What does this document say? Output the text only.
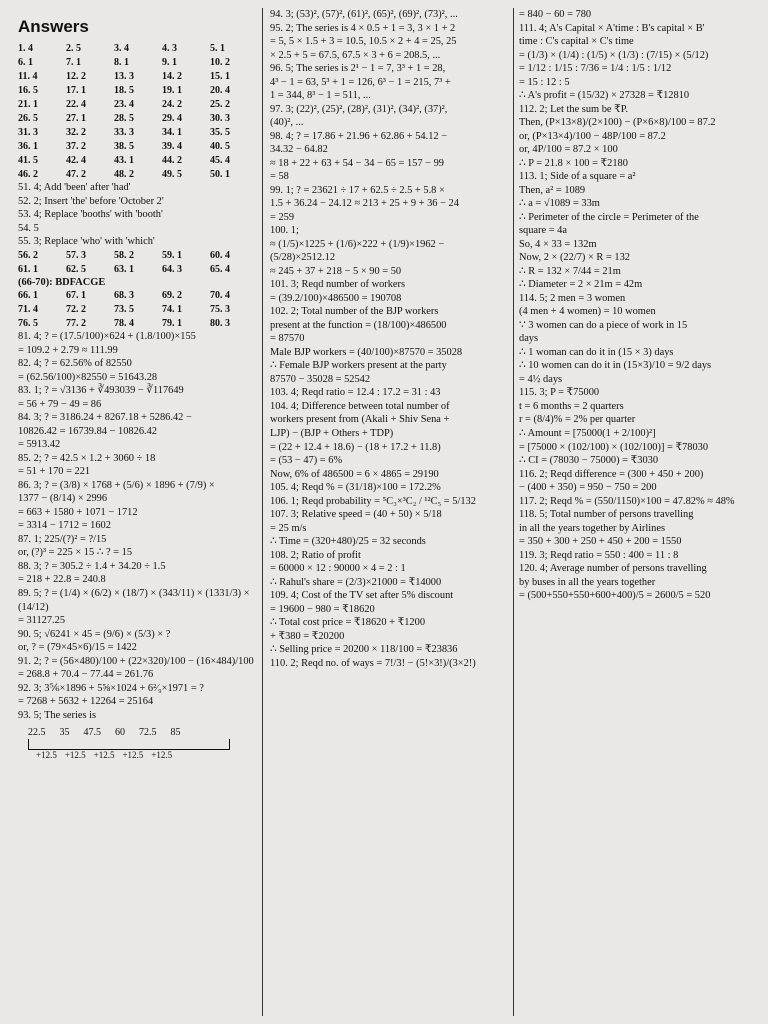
Answers
1. 4	2. 5	3. 4	4. 3	5. 1
6. 1	7. 1	8. 1	9. 1	10. 2
11. 4	12. 2	13. 3	14. 2	15. 1
16. 5	17. 1	18. 5	19. 1	20. 4
21. 1	22. 4	23. 4	24. 2	25. 2
26. 5	27. 1	28. 5	29. 4	30. 3
31. 3	32. 2	33. 3	34. 1	35. 5
36. 1	37. 2	38. 5	39. 4	40. 5
41. 5	42. 4	43. 1	44. 2	45. 4
46. 2	47. 2	48. 2	49. 5	50. 1
51. 4; Add 'been' after 'had'
52. 2; Insert 'the' before 'October 2'
53. 4; Replace 'booths' with 'booth'
54. 5
55. 3; Replace 'who' with 'which'
56. 2	57. 3	58. 2	59. 1	60. 4
61. 1	62. 5	63. 1	64. 3	65. 4
(66-70): BDFACGE
66. 1	67. 1	68. 3	69. 2	70. 4
71. 4	72. 2	73. 5	74. 1	75. 3
76. 5	77. 2	78. 4	79. 1	80. 3
81. 4; ? = (17.5/100)×624 + (1.8/100)×155
= 109.2 + 2.79 ≈ 111.99
82. 4; ? = 62.56% of 82550
= (62.56/100)×82550 = 51643.28
83. 1; ? = √3136 + ∛493039 − ∛117649
= 56 + 79 − 49 = 86
84. 3; ? = 3186.24 + 8267.18 + 5286.42 −
10826.42 = 16739.84 − 10826.42
= 5913.42
85. 2; ? = 42.5 × 1.2 + 3060 ÷ 18
= 51 + 170 = 221
86. 3; ? = (3/8) × 1768 + (5/6) × 1896 + (7/9) ×
1377 − (8/14) × 2996
= 663 + 1580 + 1071 − 1712
= 3314 − 1712 = 1602
87. 1; 225/(?)² = ?/15
or, (?)³ = 225 × 15 ∴ ? = 15
88. 3; ? = 305.2 ÷ 1.4 + 34.20 ÷ 1.5
= 218 + 22.8 = 240.8
89. 5; ? = (1/4) × (6/2) × (18/7) × (343/11) × (1331/3) × (14/12)
= 31127.25
90. 5; √6241 × 45 = (9/6) × (5/3) × ?
or, ? = (79×45×6)/15 = 1422
91. 2; ? = (56×480)/100 + (22×320)/100 − (16×484)/100
= 268.8 + 70.4 − 77.44 = 261.76
92. 3; 3⅚×1896 + 5⅝×1024 + 6²⁄₉×1971 = ?
= 7268 + 5632 + 12264 = 25164
93. 5; The series is
22.5 35 47.5 60 72.5 85
+12.5 +12.5 +12.5 +12.5 +12.5
94. 3; (53)², (57)², (61)², (65)², (69)², (73)², ...
95. 2; The series is 4 × 0.5 + 1 = 3, 3 × 1 + 2
= 5, 5 × 1.5 + 3 = 10.5, 10.5 × 2 + 4 = 25, 25
× 2.5 + 5 = 67.5, 67.5 × 3 + 6 = 208.5, ...
96. 5; The series is 2¹ − 1 = 7, 3³ + 1 = 28,
4³ − 1 = 63, 5³ + 1 = 126, 6³ − 1 = 215, 7³ +
1 = 344, 8³ − 1 = 511, ...
97. 3; (22)², (25)², (28)², (31)², (34)², (37)²,
(40)², ...
98. 4; ? = 17.86 + 21.96 + 62.86 + 54.12 −
34.32 − 64.82
≈ 18 + 22 + 63 + 54 − 34 − 65 = 157 − 99
= 58
99. 1; ? = 23621 ÷ 17 + 62.5 ÷ 2.5 + 5.8 ×
1.5 + 36.24 − 24.12 ≈ 213 + 25 + 9 + 36 − 24
= 259
100. 1;
≈ (1/5)×1225 + (1/6)×222 + (1/9)×1962 − (5/28)×2512.12
≈ 245 + 37 + 218 − 5 × 90 = 50
101. 3; Reqd number of workers
= (39.2/100)×486500 = 190708
102. 2; Total number of the BJP workers
present at the function = (18/100)×486500
= 87570
Male BJP workers = (40/100)×87570 = 35028
∴ Female BJP workers present at the party
87570 − 35028 = 52542
103. 4; Reqd ratio = 12.4 : 17.2 = 31 : 43
104. 4; Difference between total number of
workers present from (Akali + Shiv Sena +
LJP) − (BJP + Others + TDP)
= (22 + 12.4 + 18.6) − (18 + 17.2 + 11.8)
= (53 − 47) = 6%
Now, 6% of 486500 = 6 × 4865 = 29190
105. 4; Reqd % = (31/18)×100 = 172.2%
106. 1; Reqd probability = ⁵C₃×³C₂ / ¹²C₅ = 5/132
107. 3; Relative speed = (40 + 50) × 5/18
= 25 m/s
∴ Time = (320+480)/25 = 32 seconds
108. 2; Ratio of profit
= 60000 × 12 : 90000 × 4 = 2 : 1
∴ Rahul's share = (2/3)×21000 = ₹14000
109. 4; Cost of the TV set after 5% discount
= 19600 − 980 = ₹18620
∴ Total cost price = ₹18620 + ₹1200
+ ₹380 = ₹20200
∴ Selling price = 20200 × 118/100 = ₹23836
110. 2; Reqd no. of ways = 7!/3! − (5!×3!)/(3×2!)
= 840 − 60 = 780
111. 4; A's Capital × A'time : B's capital × B'
time : C's capital × C's time
= (1/3) × (1/4) : (1/5) × (1/3) : (7/15) × (5/12)
= 1/12 : 1/15 : 7/36 = 1/4 : 1/5 : 1/12
= 15 : 12 : 5
∴ A's profit = (15/32) × 27328 = ₹12810
112. 2; Let the sum be ₹P.
Then, (P×13×8)/(2×100) − (P×6×8)/100 = 87.2
or, (P×13×4)/100 − 48P/100 = 87.2
or, 4P/100 = 87.2 × 100
∴ P = 21.8 × 100 = ₹2180
113. 1; Side of a square = a²
Then, a² = 1089
∴ a = √1089 = 33m
∴ Perimeter of the circle = Perimeter of the
square = 4a
So, 4 × 33 = 132m
Now, 2 × (22/7) × R = 132
∴ R = 132 × 7/44 = 21m
∴ Diameter = 2 × 21m = 42m
114. 5; 2 men = 3 women
(4 men + 4 women) = 10 women
∵ 3 women can do a piece of work in 15
days
∴ 1 woman can do it in (15 × 3) days
∴ 10 women can do it in (15×3)/10 = 9/2 days
= 4½ days
115. 3; P = ₹75000
t = 6 months = 2 quarters
r = (8/4)% = 2% per quarter
∴ Amount = [75000(1 + 2/100)²]
= [75000 × (102/100) × (102/100)] = ₹78030
∴ CI = (78030 − 75000) = ₹3030
116. 2; Reqd difference = (300 + 450 + 200)
− (400 + 350) = 950 − 750 = 200
117. 2; Reqd % = (550/1150)×100 = 47.82% ≈ 48%
118. 5; Total number of persons travelling
in all the years together by Airlines
= 350 + 300 + 250 + 450 + 200 = 1550
119. 3; Reqd ratio = 550 : 400 = 11 : 8
120. 4; Average number of persons travelling
by buses in all the years together
= (500+550+550+600+400)/5 = 2600/5 = 520
